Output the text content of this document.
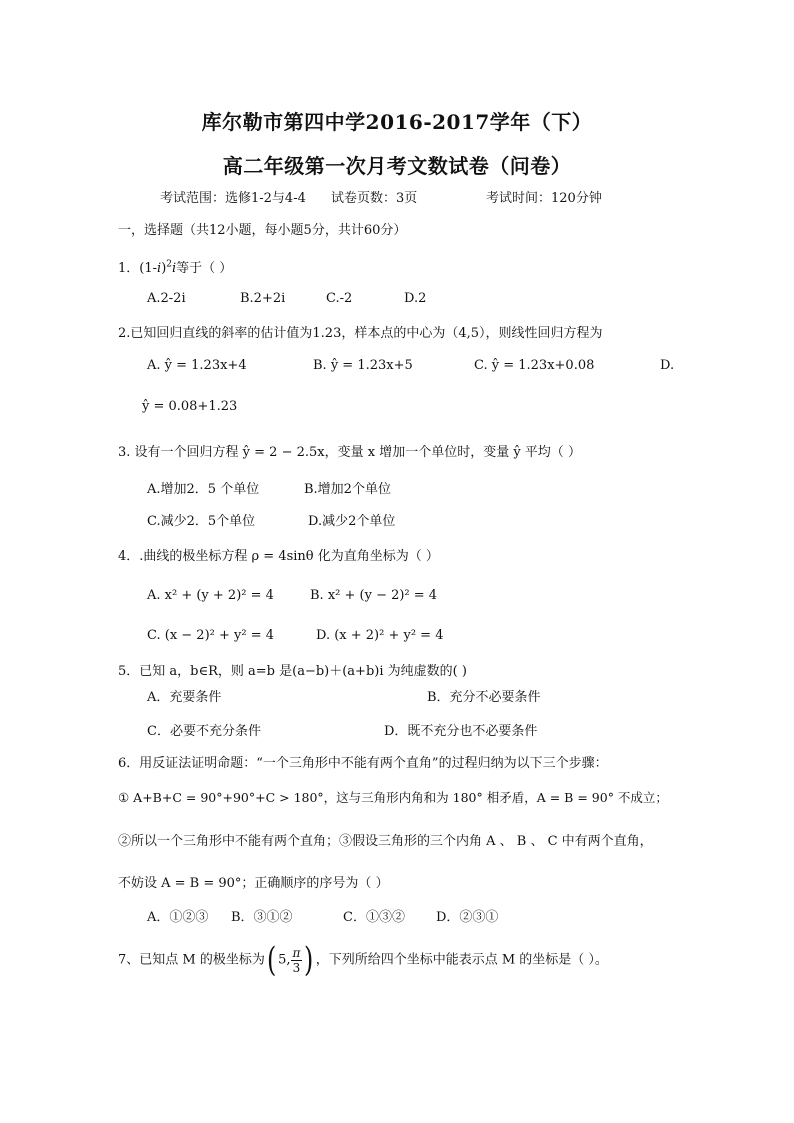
库尔勒市第四中学2016-2017学年（下）
高二年级第一次月考文数试卷（问卷）
考试范围：选修1-2与4-4 试卷页数：3页	考试时间：120分钟
一，选择题（共12小题，每小题5分，共计60分）
1．$(1-i)^2i$等于（ ）
A.2-2i	B.2+2i	C.-2	D.2
2.已知回归直线的斜率的估计值为1.23，样本点的中心为（4,5），则线性回归方程为
A. ŷ = 1.23x+4	B. ŷ = 1.23x+5	C. ŷ = 1.23x+0.08	D.
ŷ = 0.08+1.23
3. 设有一个回归方程 ŷ = 2 − 2.5x，变量 x 增加一个单位时，变量 ŷ 平均（ ）
A.增加2．5 个单位	B.增加2个单位
C.减少2．5个单位	D.减少2个单位
4．.曲线的极坐标方程 ρ = 4sinθ 化为直角坐标为（ ）
A. x² + (y + 2)² = 4	B. x² + (y − 2)² = 4
C. (x − 2)² + y² = 4	D. (x + 2)² + y² = 4
5．已知 a，b∈R，则 a=b 是(a−b)＋(a+b)i 为纯虚数的( )
A．充要条件	B．充分不必要条件
C．必要不充分条件	D．既不充分也不必要条件
6．用反证法证明命题：“一个三角形中不能有两个直角”的过程归纳为以下三个步骤：
① A+B+C = 90°+90°+C > 180°，这与三角形内角和为 180° 相矛盾，A = B = 90° 不成立；
②所以一个三角形中不能有两个直角；③假设三角形的三个内角 A 、 B 、 C 中有两个直角，
不妨设 A = B = 90°；正确顺序的序号为（ ）
A．①②③ B．③①②	C．①③② D．②③①
7、已知点 M 的极坐标为( 5, $\frac{\pi}{3}$ ) ，下列所给四个坐标中能表示点 M 的坐标是（ ）。
